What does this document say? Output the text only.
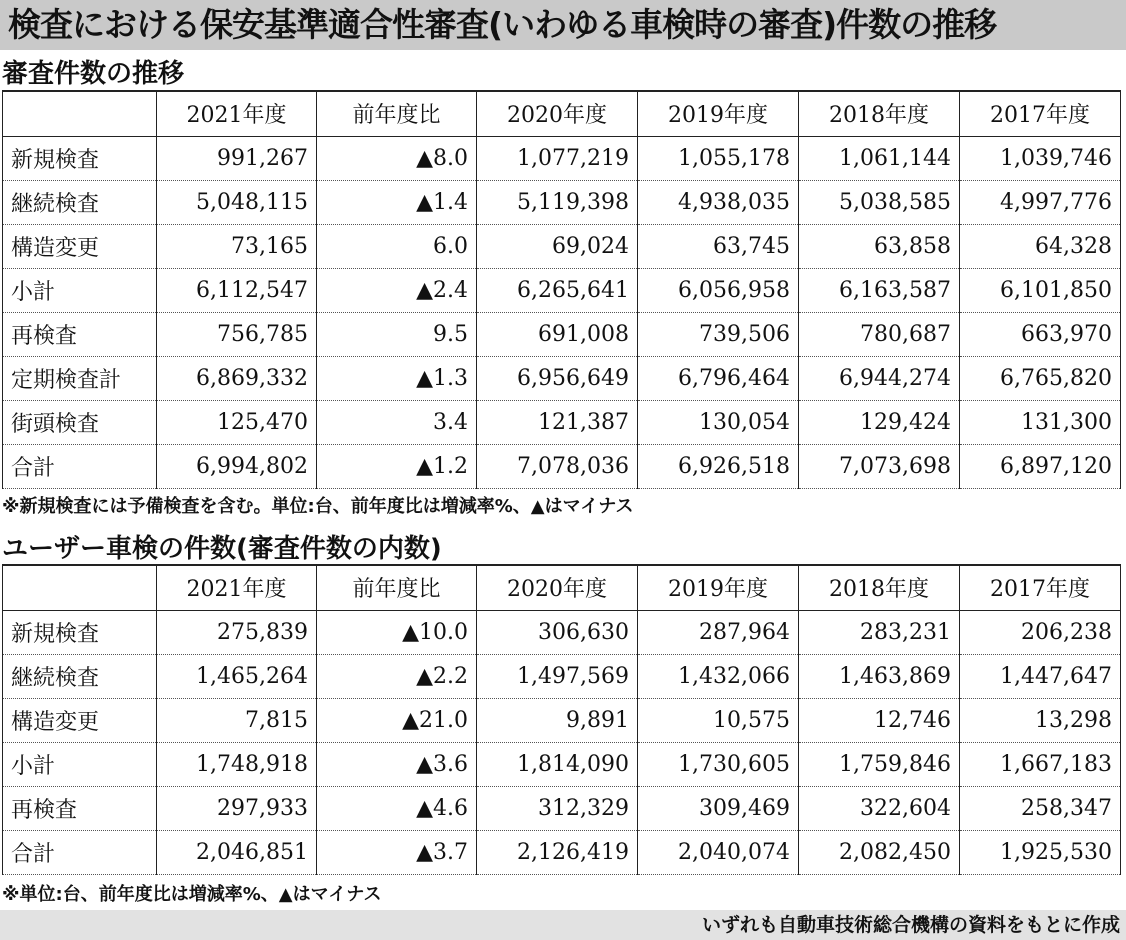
検査における保安基準適合性審査(いわゆる車検時の審査)件数の推移
審査件数の推移
	2021年度	前年度比	2020年度	2019年度	2018年度	2017年度
新規検査	991,267	▲8.0	1,077,219	1,055,178	1,061,144	1,039,746
継続検査	5,048,115	▲1.4	5,119,398	4,938,035	5,038,585	4,997,776
構造変更	73,165	6.0	69,024	63,745	63,858	64,328
小計	6,112,547	▲2.4	6,265,641	6,056,958	6,163,587	6,101,850
再検査	756,785	9.5	691,008	739,506	780,687	663,970
定期検査計	6,869,332	▲1.3	6,956,649	6,796,464	6,944,274	6,765,820
街頭検査	125,470	3.4	121,387	130,054	129,424	131,300
合計	6,994,802	▲1.2	7,078,036	6,926,518	7,073,698	6,897,120
※新規検査には予備検査を含む。単位:台、前年度比は増減率%、▲はマイナス
ユーザー車検の件数(審査件数の内数)
	2021年度	前年度比	2020年度	2019年度	2018年度	2017年度
新規検査	275,839	▲10.0	306,630	287,964	283,231	206,238
継続検査	1,465,264	▲2.2	1,497,569	1,432,066	1,463,869	1,447,647
構造変更	7,815	▲21.0	9,891	10,575	12,746	13,298
小計	1,748,918	▲3.6	1,814,090	1,730,605	1,759,846	1,667,183
再検査	297,933	▲4.6	312,329	309,469	322,604	258,347
合計	2,046,851	▲3.7	2,126,419	2,040,074	2,082,450	1,925,530
※単位:台、前年度比は増減率%、▲はマイナス
いずれも自動車技術総合機構の資料をもとに作成
